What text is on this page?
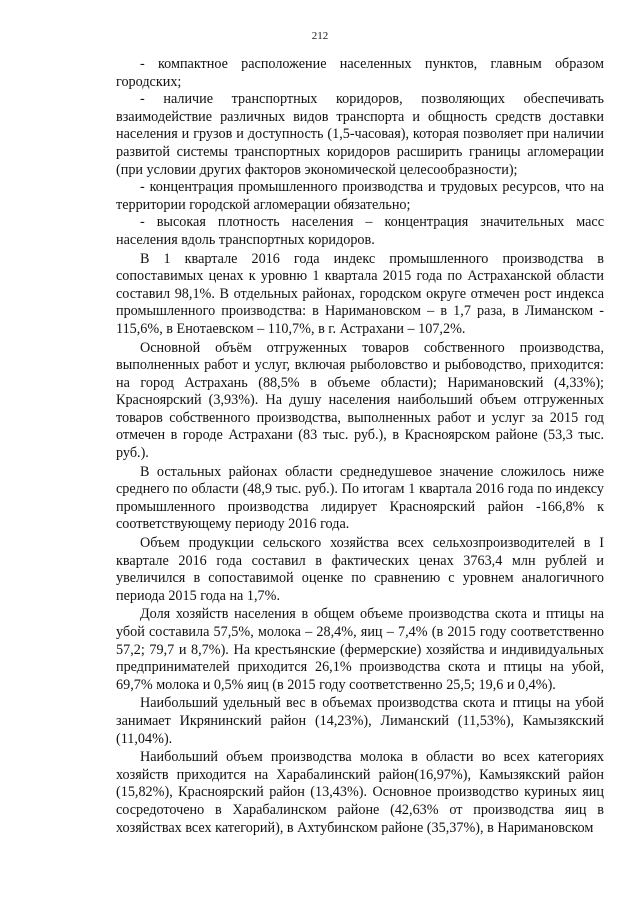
212

- компактное расположение населенных пунктов, главным образом городских;

- наличие транспортных коридоров, позволяющих обеспечивать взаимодействие различных видов транспорта и общность средств доставки населения и грузов и доступность (1,5-часовая), которая позволяет при наличии развитой системы транспортных коридоров расширить границы агломерации (при условии других факторов экономической целесообразности);

- концентрация промышленного производства и трудовых ресурсов, что на территории городской агломерации обязательно;

- высокая плотность населения – концентрация значительных масс населения вдоль транспортных коридоров.

В 1 квартале 2016 года индекс промышленного производства в сопоставимых ценах к уровню 1 квартала 2015 года по Астраханской области составил 98,1%. В отдельных районах, городском округе отмечен рост индекса промышленного производства: в Наримановском – в 1,7 раза, в Лиманском - 115,6%, в Енотаевском – 110,7%, в г. Астрахани – 107,2%.

Основной объём отгруженных товаров собственного производства, выполненных работ и услуг, включая рыболовство и рыбоводство, приходится: на город Астрахань (88,5% в объеме области); Наримановский (4,33%); Красноярский (3,93%). На душу населения наибольший объем отгруженных товаров собственного производства, выполненных работ и услуг за 2015 год отмечен в городе Астрахани (83 тыс. руб.), в Красноярском районе (53,3 тыс. руб.).

В остальных районах области среднедушевое значение сложилось ниже среднего по области (48,9 тыс. руб.). По итогам 1 квартала 2016 года по индексу промышленного производства лидирует Красноярский район -166,8% к соответствующему периоду 2016 года.

Объем продукции сельского хозяйства всех сельхозпроизводителей в I квартале 2016 года составил в фактических ценах 3763,4 млн рублей и увеличился в сопоставимой оценке по сравнению с уровнем аналогичного периода 2015 года на 1,7%.

Доля хозяйств населения в общем объеме производства скота и птицы на убой составила 57,5%, молока – 28,4%, яиц – 7,4% (в 2015 году соответственно 57,2; 79,7 и 8,7%). На крестьянские (фермерские) хозяйства и индивидуальных предпринимателей приходится 26,1% производства скота и птицы на убой, 69,7% молока и 0,5% яиц (в 2015 году соответственно 25,5; 19,6 и 0,4%).

Наибольший удельный вес в объемах производства скота и птицы на убой занимает Икрянинский район (14,23%), Лиманский (11,53%), Камызякский (11,04%).

Наибольший объем производства молока в области во всех категориях хозяйств приходится на Харабалинский район(16,97%), Камызякский район (15,82%), Красноярский район (13,43%). Основное производство куриных яиц сосредоточено в Харабалинском районе (42,63% от производства яиц в хозяйствах всех категорий), в Ахтубинском районе (35,37%), в Наримановском
